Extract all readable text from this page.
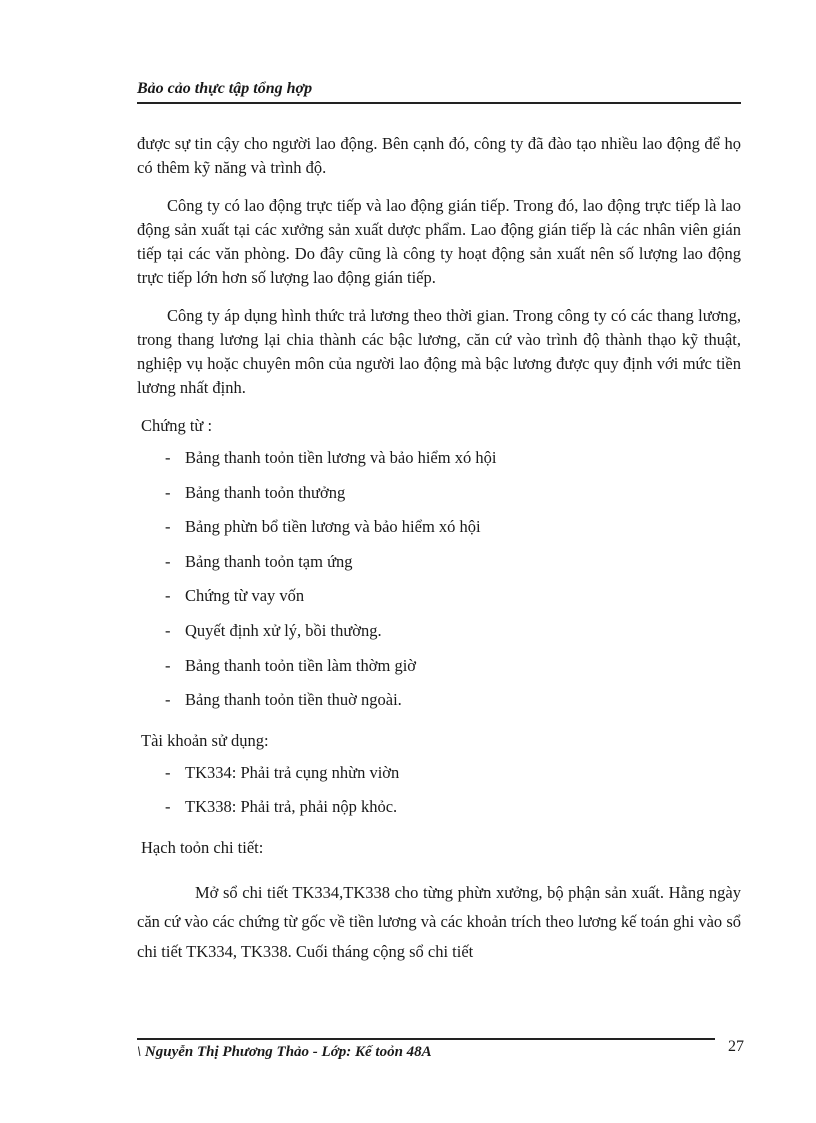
Bảo cảo thực tập tổng hợp

được sự tin cậy cho người lao động. Bên cạnh đó, công ty đã đào tạo nhiều lao động để họ có thêm kỹ năng và trình độ.

Công ty có lao động trực tiếp và lao động gián tiếp. Trong đó, lao động trực tiếp là lao động sản xuất tại các xưởng sản xuất dược phẩm. Lao động gián tiếp là các nhân viên gián tiếp tại các văn phòng. Do đây cũng là công ty hoạt động sản xuất nên số lượng lao động trực tiếp lớn hơn số lượng lao động gián tiếp.

Công ty áp dụng hình thức trả lương theo thời gian. Trong công ty có các thang lương, trong thang lương lại chia thành các bậc lương, căn cứ vào trình độ thành thạo kỹ thuật, nghiệp vụ hoặc chuyên môn của người lao động mà bậc lương được quy định với mức tiền lương nhất định.

Chứng từ :
- Bảng thanh toỏn tiền lương và bảo hiểm xó hội
- Bảng thanh toỏn thưởng
- Bảng phừn bổ tiền lương và bảo hiểm xó hội
- Bảng thanh toỏn tạm ứng
- Chứng từ vay vốn
- Quyết định xử lý, bồi thường.
- Bảng thanh toỏn tiền làm thờm giờ
- Bảng thanh toỏn tiền thuờ ngoài.
Tài khoản sử dụng:
- TK334: Phải trả cụng nhừn viờn
- TK338: Phải trả, phải nộp khỏc.
Hạch toỏn chi tiết:

Mở sổ chi tiết TK334,TK338 cho từng phừn xưởng, bộ phận sản xuất. Hằng ngày căn cứ vào các chứng từ gốc về tiền lương và các khoản trích theo lương kế toán ghi vào sổ chi tiết TK334, TK338. Cuối tháng cộng sổ chi tiết

\ Nguyễn Thị Phương Thảo - Lớp: Kế toỏn 48A	27
